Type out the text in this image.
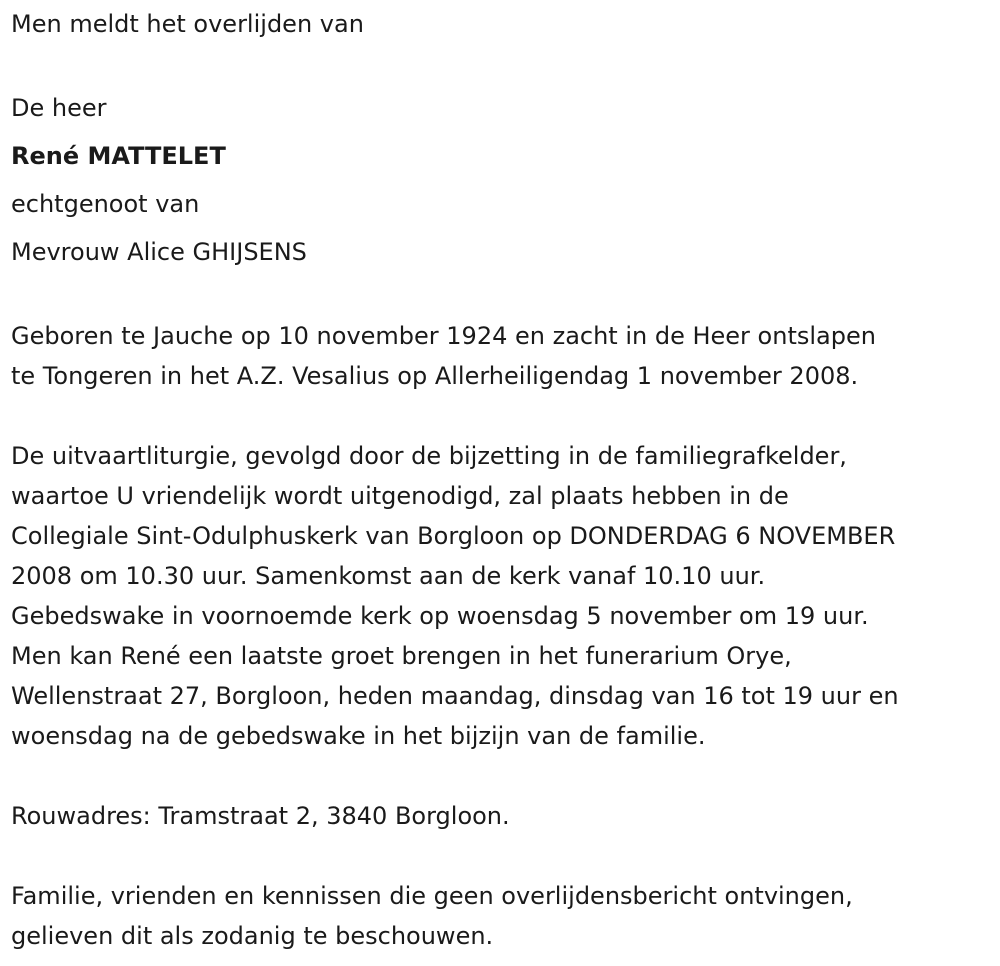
Men meldt het overlijden van
De heer
René MATTELET
echtgenoot van
Mevrouw Alice GHIJSENS
Geboren te Jauche op 10 november 1924 en zacht in de Heer ontslapen
te Tongeren in het A.Z. Vesalius op Allerheiligendag 1 november 2008.
De uitvaartliturgie, gevolgd door de bijzetting in de familiegrafkelder,
waartoe U vriendelijk wordt uitgenodigd, zal plaats hebben in de
Collegiale Sint-Odulphuskerk van Borgloon op DONDERDAG 6 NOVEMBER
2008 om 10.30 uur. Samenkomst aan de kerk vanaf 10.10 uur.
Gebedswake in voornoemde kerk op woensdag 5 november om 19 uur.
Men kan René een laatste groet brengen in het funerarium Orye,
Wellenstraat 27, Borgloon, heden maandag, dinsdag van 16 tot 19 uur en
woensdag na de gebedswake in het bijzijn van de familie.
Rouwadres: Tramstraat 2, 3840 Borgloon.
Familie, vrienden en kennissen die geen overlijdensbericht ontvingen,
gelieven dit als zodanig te beschouwen.
